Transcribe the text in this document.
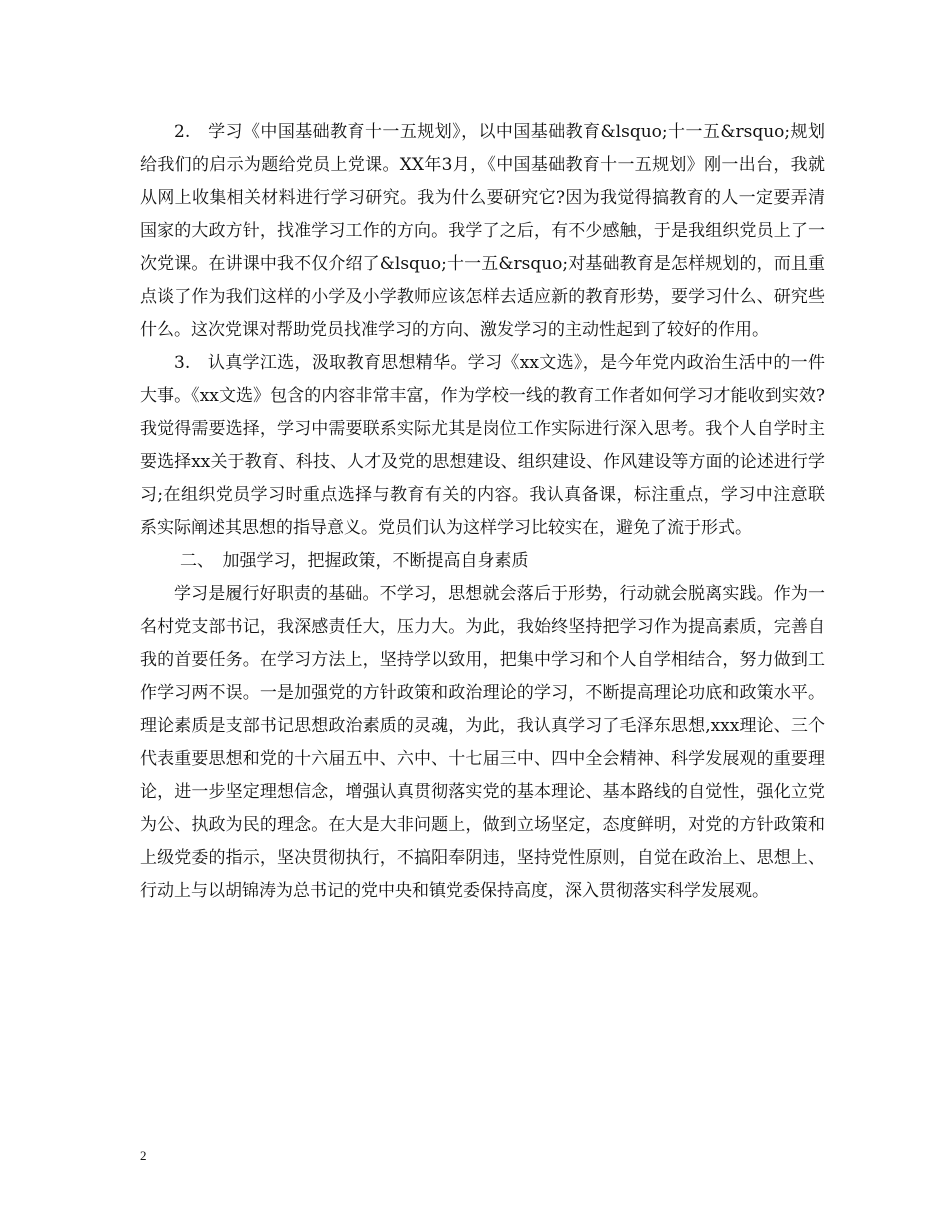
2.　学习《中国基础教育十一五规划》，以中国基础教育&lsquo;十一五&rsquo;规划给我们的启示为题给党员上党课。XX年3月，《中国基础教育十一五规划》刚一出台，我就从网上收集相关材料进行学习研究。我为什么要研究它?因为我觉得搞教育的人一定要弄清国家的大政方针，找准学习工作的方向。我学了之后，有不少感触，于是我组织党员上了一次党课。在讲课中我不仅介绍了&lsquo;十一五&rsquo;对基础教育是怎样规划的，而且重点谈了作为我们这样的小学及小学教师应该怎样去适应新的教育形势，要学习什么、研究些什么。这次党课对帮助党员找准学习的方向、激发学习的主动性起到了较好的作用。

3.　认真学江选，汲取教育思想精华。学习《xx文选》，是今年党内政治生活中的一件大事。《xx文选》包含的内容非常丰富，作为学校一线的教育工作者如何学习才能收到实效?我觉得需要选择，学习中需要联系实际尤其是岗位工作实际进行深入思考。我个人自学时主要选择xx关于教育、科技、人才及党的思想建设、组织建设、作风建设等方面的论述进行学习;在组织党员学习时重点选择与教育有关的内容。我认真备课，标注重点，学习中注意联系实际阐述其思想的指导意义。党员们认为这样学习比较实在，避免了流于形式。

二、　加强学习，把握政策，不断提高自身素质

学习是履行好职责的基础。不学习，思想就会落后于形势，行动就会脱离实践。作为一名村党支部书记，我深感责任大，压力大。为此，我始终坚持把学习作为提高素质，完善自我的首要任务。在学习方法上，坚持学以致用，把集中学习和个人自学相结合，努力做到工作学习两不误。一是加强党的方针政策和政治理论的学习，不断提高理论功底和政策水平。理论素质是支部书记思想政治素质的灵魂，为此，我认真学习了毛泽东思想,xxx理论、三个代表重要思想和党的十六届五中、六中、十七届三中、四中全会精神、科学发展观的重要理论，进一步坚定理想信念，增强认真贯彻落实党的基本理论、基本路线的自觉性，强化立党为公、执政为民的理念。在大是大非问题上，做到立场坚定，态度鲜明，对党的方针政策和上级党委的指示，坚决贯彻执行，不搞阳奉阴违，坚持党性原则，自觉在政治上、思想上、行动上与以胡锦涛为总书记的党中央和镇党委保持高度，深入贯彻落实科学发展观。

2
